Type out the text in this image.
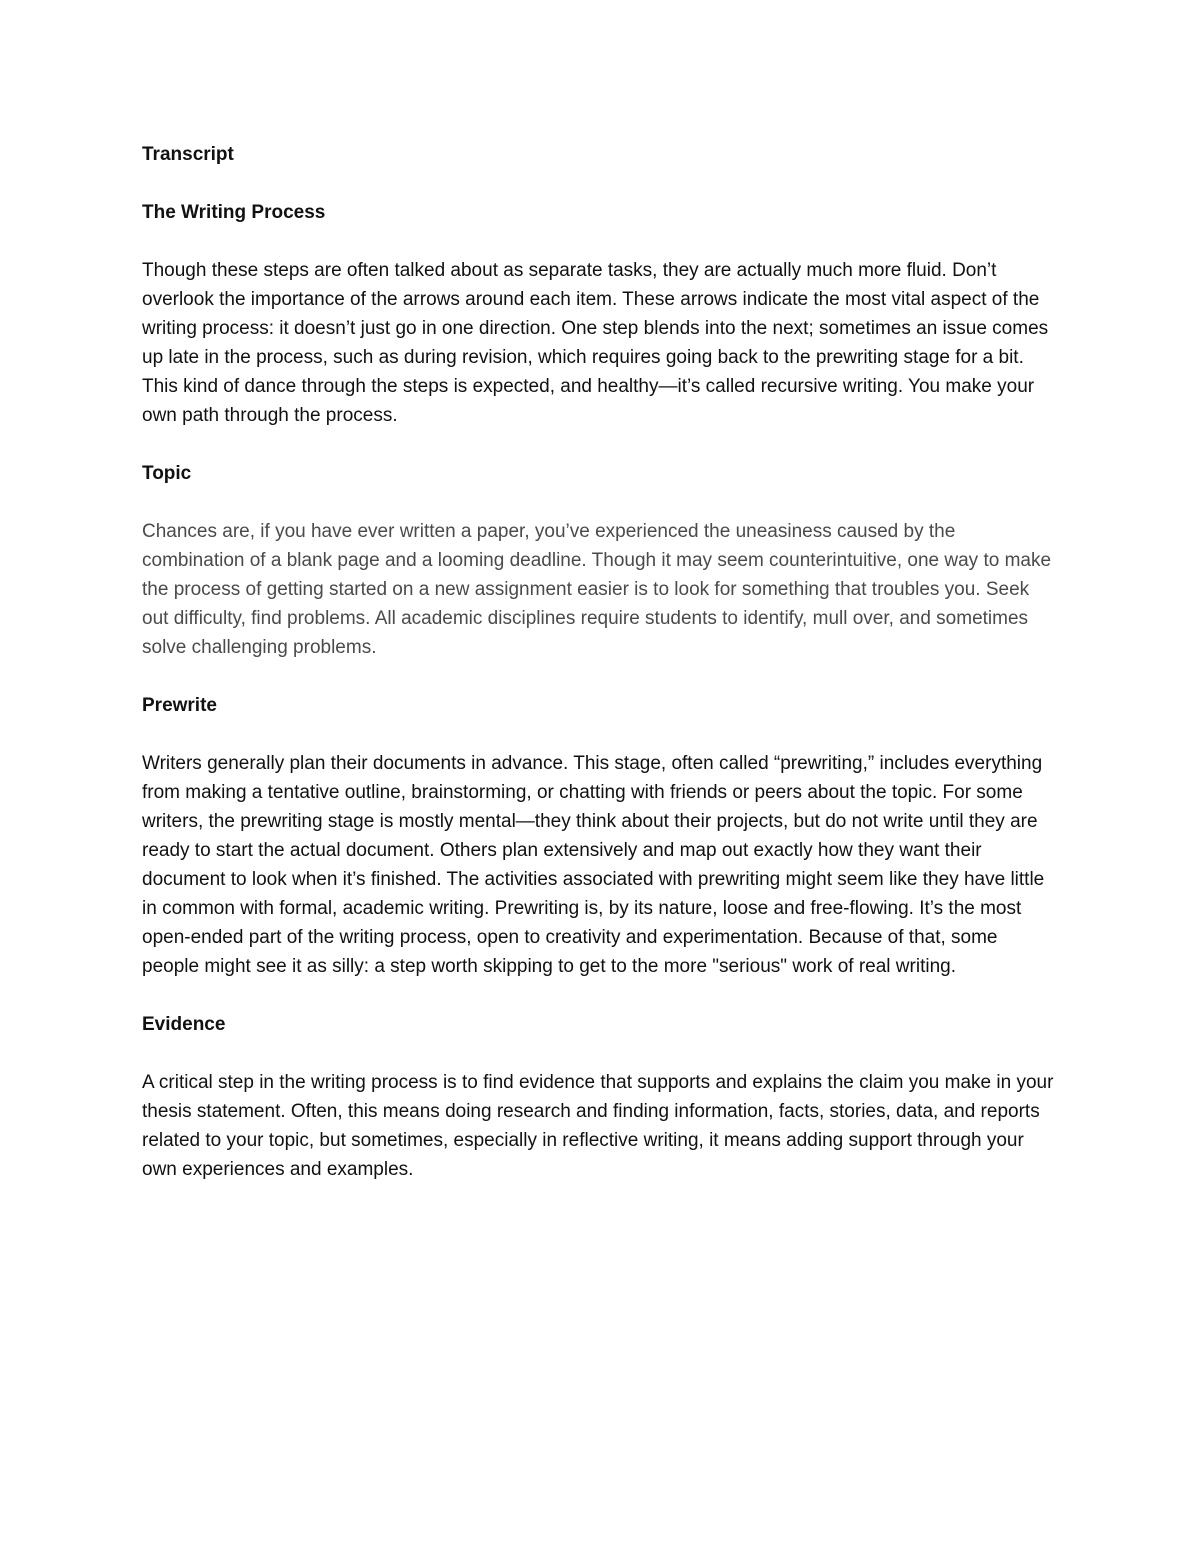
Transcript
The Writing Process

Though these steps are often talked about as separate tasks, they are actually much more fluid. Don’t overlook the importance of the arrows around each item. These arrows indicate the most vital aspect of the writing process: it doesn’t just go in one direction. One step blends into the next; sometimes an issue comes up late in the process, such as during revision, which requires going back to the prewriting stage for a bit. This kind of dance through the steps is expected, and healthy—it’s called recursive writing. You make your own path through the process.

Topic

Chances are, if you have ever written a paper, you’ve experienced the uneasiness caused by the combination of a blank page and a looming deadline. Though it may seem counterintuitive, one way to make the process of getting started on a new assignment easier is to look for something that troubles you. Seek out difficulty, find problems. All academic disciplines require students to identify, mull over, and sometimes solve challenging problems.

Prewrite

Writers generally plan their documents in advance. This stage, often called “prewriting,” includes everything from making a tentative outline, brainstorming, or chatting with friends or peers about the topic. For some writers, the prewriting stage is mostly mental—they think about their projects, but do not write until they are ready to start the actual document. Others plan extensively and map out exactly how they want their document to look when it’s finished. The activities associated with prewriting might seem like they have little in common with formal, academic writing. Prewriting is, by its nature, loose and free-flowing. It’s the most open-ended part of the writing process, open to creativity and experimentation. Because of that, some people might see it as silly: a step worth skipping to get to the more "serious" work of real writing.

Evidence

A critical step in the writing process is to find evidence that supports and explains the claim you make in your thesis statement. Often, this means doing research and finding information, facts, stories, data, and reports related to your topic, but sometimes, especially in reflective writing, it means adding support through your own experiences and examples.
